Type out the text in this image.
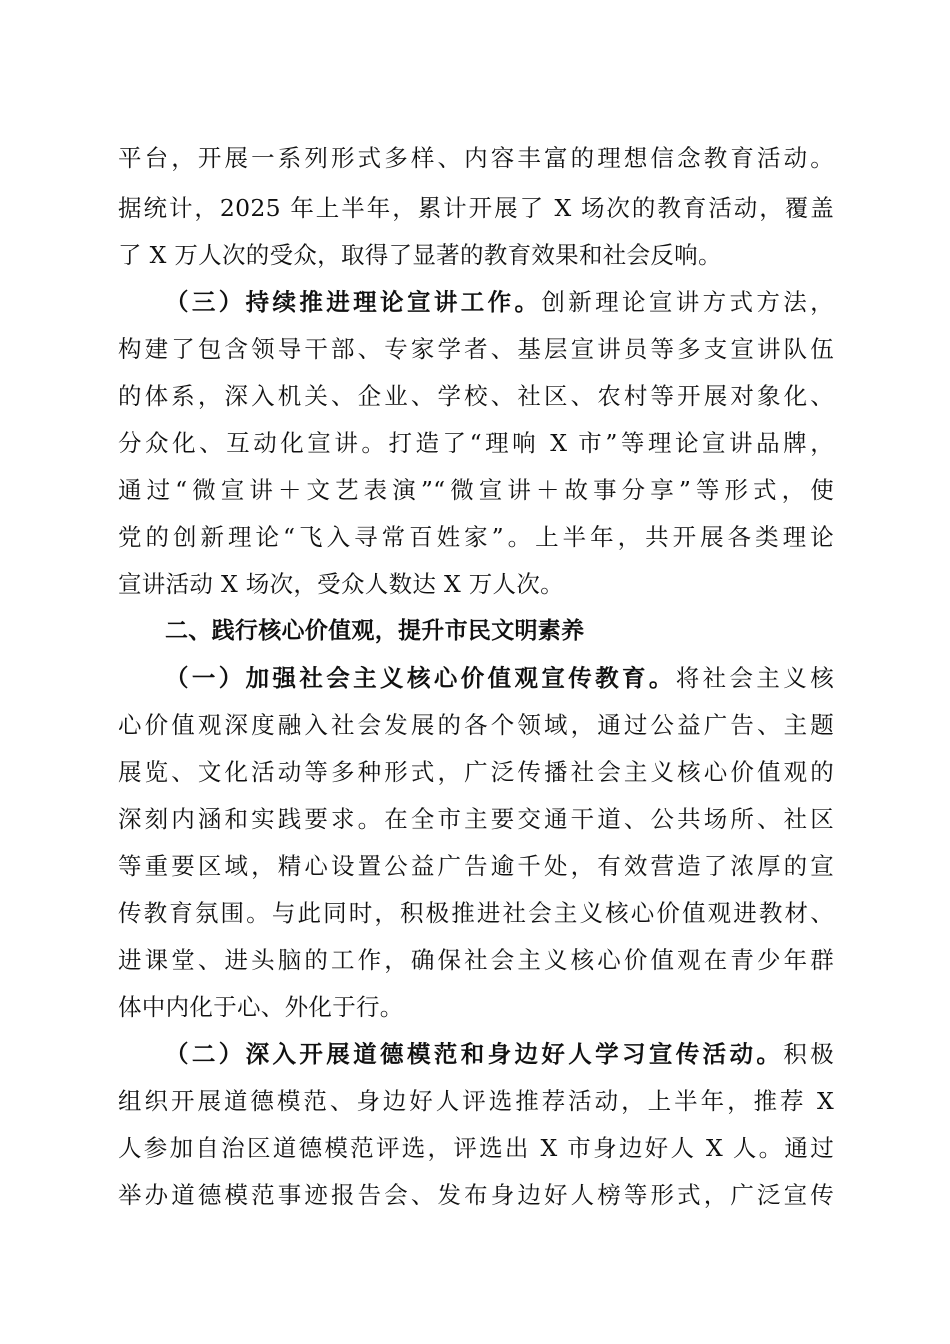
平台，开展一系列形式多样、内容丰富的理想信念教育活动。
据统计，2025 年上半年，累计开展了 X 场次的教育活动，覆盖
了 X 万人次的受众，取得了显著的教育效果和社会反响。
（三）持续推进理论宣讲工作。创新理论宣讲方式方法，
构建了包含领导干部、专家学者、基层宣讲员等多支宣讲队伍
的体系，深入机关、企业、学校、社区、农村等开展对象化、
分众化、互动化宣讲。打造了“理响 X 市”等理论宣讲品牌，
通过“微宣讲＋文艺表演”“微宣讲＋故事分享”等形式，使
党的创新理论“飞入寻常百姓家”。上半年，共开展各类理论
宣讲活动 X 场次，受众人数达 X 万人次。
二、践行核心价值观，提升市民文明素养
（一）加强社会主义核心价值观宣传教育。将社会主义核
心价值观深度融入社会发展的各个领域，通过公益广告、主题
展览、文化活动等多种形式，广泛传播社会主义核心价值观的
深刻内涵和实践要求。在全市主要交通干道、公共场所、社区
等重要区域，精心设置公益广告逾千处，有效营造了浓厚的宣
传教育氛围。与此同时，积极推进社会主义核心价值观进教材、
进课堂、进头脑的工作，确保社会主义核心价值观在青少年群
体中内化于心、外化于行。
（二）深入开展道德模范和身边好人学习宣传活动。积极
组织开展道德模范、身边好人评选推荐活动，上半年，推荐 X
人参加自治区道德模范评选，评选出 X 市身边好人 X 人。通过
举办道德模范事迹报告会、发布身边好人榜等形式，广泛宣传
